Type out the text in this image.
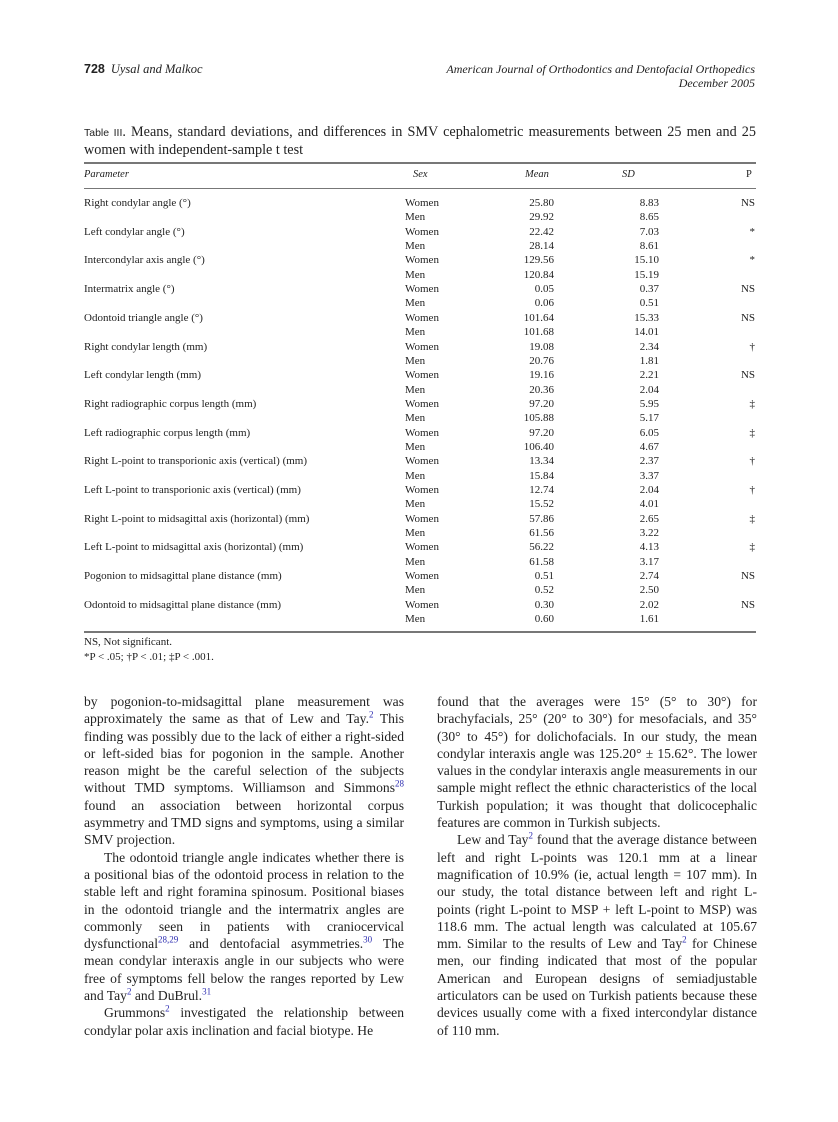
728 Uysal and Malkoc	American Journal of Orthodontics and Dentofacial Orthopedics
December 2005
Table III. Means, standard deviations, and differences in SMV cephalometric measurements between 25 men and 25 women with independent-sample t test
Parameter	Sex	Mean	SD	P
Right condylar angle (°)	Women	25.80	8.83	NS
Men	29.92	8.65
Left condylar angle (°)	Women	22.42	7.03	*
Men	28.14	8.61
Intercondylar axis angle (°)	Women	129.56	15.10	*
Men	120.84	15.19
Intermatrix angle (°)	Women	0.05	0.37	NS
Men	0.06	0.51
Odontoid triangle angle (°)	Women	101.64	15.33	NS
Men	101.68	14.01
Right condylar length (mm)	Women	19.08	2.34	†
Men	20.76	1.81
Left condylar length (mm)	Women	19.16	2.21	NS
Men	20.36	2.04
Right radiographic corpus length (mm)	Women	97.20	5.95	‡
Men	105.88	5.17
Left radiographic corpus length (mm)	Women	97.20	6.05	‡
Men	106.40	4.67
Right L-point to transporionic axis (vertical) (mm)	Women	13.34	2.37	†
Men	15.84	3.37
Left L-point to transporionic axis (vertical) (mm)	Women	12.74	2.04	†
Men	15.52	4.01
Right L-point to midsagittal axis (horizontal) (mm)	Women	57.86	2.65	‡
Men	61.56	3.22
Left L-point to midsagittal axis (horizontal) (mm)	Women	56.22	4.13	‡
Men	61.58	3.17
Pogonion to midsagittal plane distance (mm)	Women	0.51	2.74	NS
Men	0.52	2.50
Odontoid to midsagittal plane distance (mm)	Women	0.30	2.02	NS
Men	0.60	1.61
NS, Not significant.
*P < .05; †P < .01; ‡P < .001.

by pogonion-to-midsagittal plane measurement was approximately the same as that of Lew and Tay.$^2$ This finding was possibly due to the lack of either a right-sided or left-sided bias for pogonion in the sample. Another reason might be the careful selection of the subjects without TMD symptoms. Williamson and Simmons$^{28}$ found an association between horizontal corpus asymmetry and TMD signs and symptoms, using a similar SMV projection.

The odontoid triangle angle indicates whether there is a positional bias of the odontoid process in relation to the stable left and right foramina spinosum. Positional biases in the odontoid triangle and the intermatrix angles are commonly seen in patients with craniocervical dysfunctional$^{28,29}$ and dentofacial asymmetries.$^{30}$ The mean condylar interaxis angle in our subjects who were free of symptoms fell below the ranges reported by Lew and Tay$^2$ and DuBrul.$^{31}$

Grummons$^2$ investigated the relationship between condylar polar axis inclination and facial biotype. He

found that the averages were 15° (5° to 30°) for brachyfacials, 25° (20° to 30°) for mesofacials, and 35° (30° to 45°) for dolichofacials. In our study, the mean condylar interaxis angle was 125.20° ± 15.62°. The lower values in the condylar interaxis angle measurements in our sample might reflect the ethnic characteristics of the local Turkish population; it was thought that dolicocephalic features are common in Turkish subjects.

Lew and Tay$^2$ found that the average distance between left and right L-points was 120.1 mm at a linear magnification of 10.9% (ie, actual length = 107 mm). In our study, the total distance between left and right L-points (right L-point to MSP + left L-point to MSP) was 118.6 mm. The actual length was calculated at 105.67 mm. Similar to the results of Lew and Tay$^2$ for Chinese men, our finding indicated that most of the popular American and European designs of semiadjustable articulators can be used on Turkish patients because these devices usually come with a fixed intercondylar distance of 110 mm.
